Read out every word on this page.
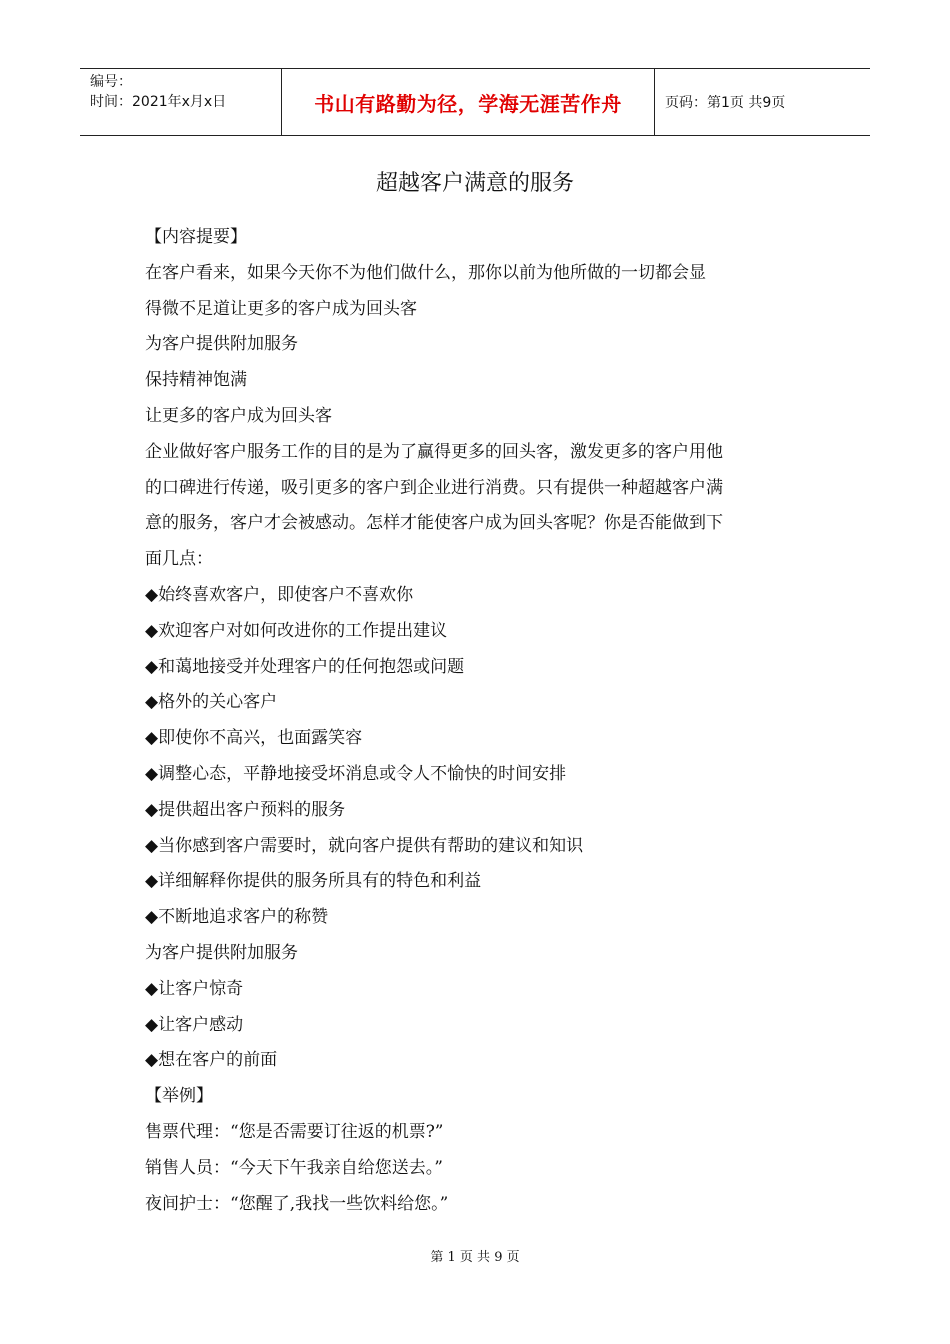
编号：
时间：2021年x月x日	书山有路勤为径，学海无涯苦作舟	页码：第1页 共9页
超越客户满意的服务
【内容提要】
在客户看来，如果今天你不为他们做什么，那你以前为他所做的一切都会显
得微不足道让更多的客户成为回头客
为客户提供附加服务
保持精神饱满
让更多的客户成为回头客
企业做好客户服务工作的目的是为了赢得更多的回头客，激发更多的客户用他
的口碑进行传递，吸引更多的客户到企业进行消费。只有提供一种超越客户满
意的服务，客户才会被感动。怎样才能使客户成为回头客呢？你是否能做到下
面几点：
◆始终喜欢客户，即使客户不喜欢你
◆欢迎客户对如何改进你的工作提出建议
◆和蔼地接受并处理客户的任何抱怨或问题
◆格外的关心客户
◆即使你不高兴，也面露笑容
◆调整心态，平静地接受坏消息或令人不愉快的时间安排
◆提供超出客户预料的服务
◆当你感到客户需要时，就向客户提供有帮助的建议和知识
◆详细解释你提供的服务所具有的特色和利益
◆不断地追求客户的称赞
为客户提供附加服务
◆让客户惊奇
◆让客户感动
◆想在客户的前面
【举例】
售票代理：“您是否需要订往返的机票?”
销售人员：“今天下午我亲自给您送去。”
夜间护士：“您醒了,我找一些饮料给您。”
第 1 页 共 9 页
